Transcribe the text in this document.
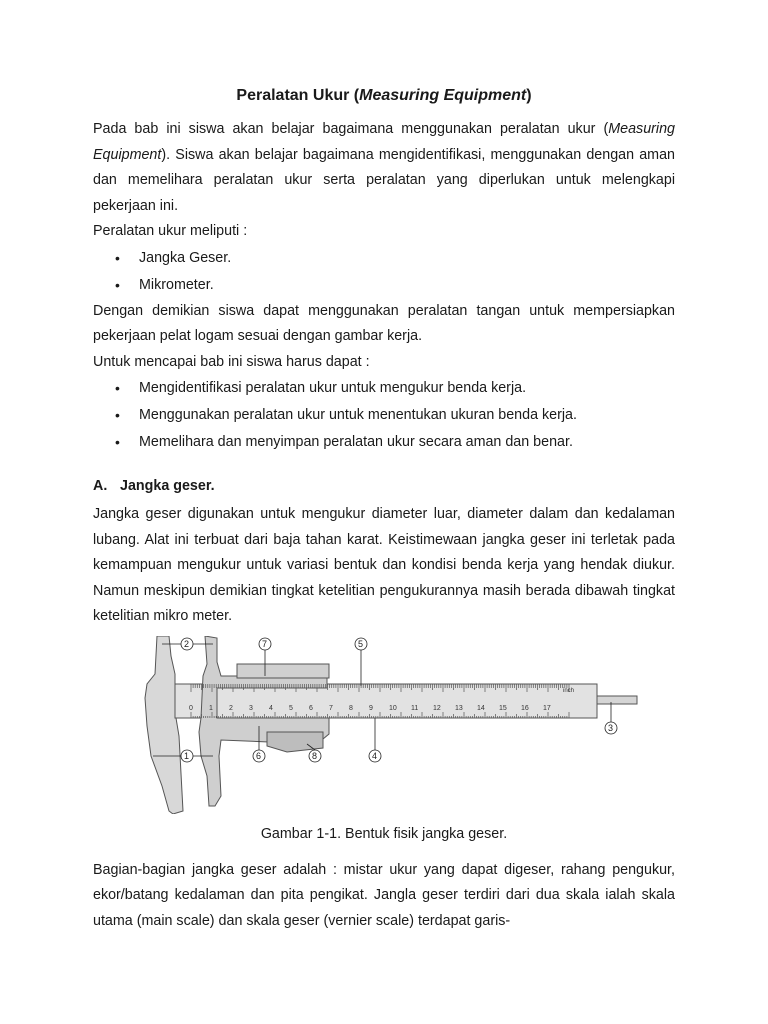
Peralatan Ukur (Measuring Equipment)

Pada bab ini siswa akan belajar bagaimana menggunakan peralatan ukur (Measuring Equipment). Siswa akan belajar bagaimana mengidentifikasi, menggunakan dengan aman dan memelihara peralatan ukur serta peralatan yang diperlukan untuk melengkapi pekerjaan ini.

Peralatan ukur meliputi :

• Jangka Geser.
• Mikrometer.

Dengan demikian siswa dapat menggunakan peralatan tangan untuk mempersiapkan pekerjaan pelat logam sesuai dengan gambar kerja.

Untuk mencapai bab ini siswa harus dapat :

• Mengidentifikasi peralatan ukur untuk mengukur benda kerja.
• Menggunakan peralatan ukur untuk menentukan ukuran benda kerja.
• Memelihara dan menyimpan peralatan ukur secara aman dan benar.
A. Jangka geser.

Jangka geser digunakan untuk mengukur diameter luar, diameter dalam dan kedalaman lubang. Alat ini terbuat dari baja tahan karat. Keistimewaan jangka geser ini terletak pada kemampuan mengukur untuk variasi bentuk dan kondisi benda kerja yang hendak diukur. Namun meskipun demikian tingkat ketelitian pengukurannya masih berada dibawah tingkat ketelitian mikro meter.

0 1 2 3 4 5 6 7 8 9 10 11 12 13 14 15 16 17
inch
2	7	5
3
1	6	8	4
Gambar 1-1. Bentuk fisik jangka geser.

Bagian-bagian jangka geser adalah : mistar ukur yang dapat digeser, rahang pengukur, ekor/batang kedalaman dan pita pengikat. Jangla geser terdiri dari dua skala ialah skala utama (main scale) dan skala geser (vernier scale) terdapat garis-
